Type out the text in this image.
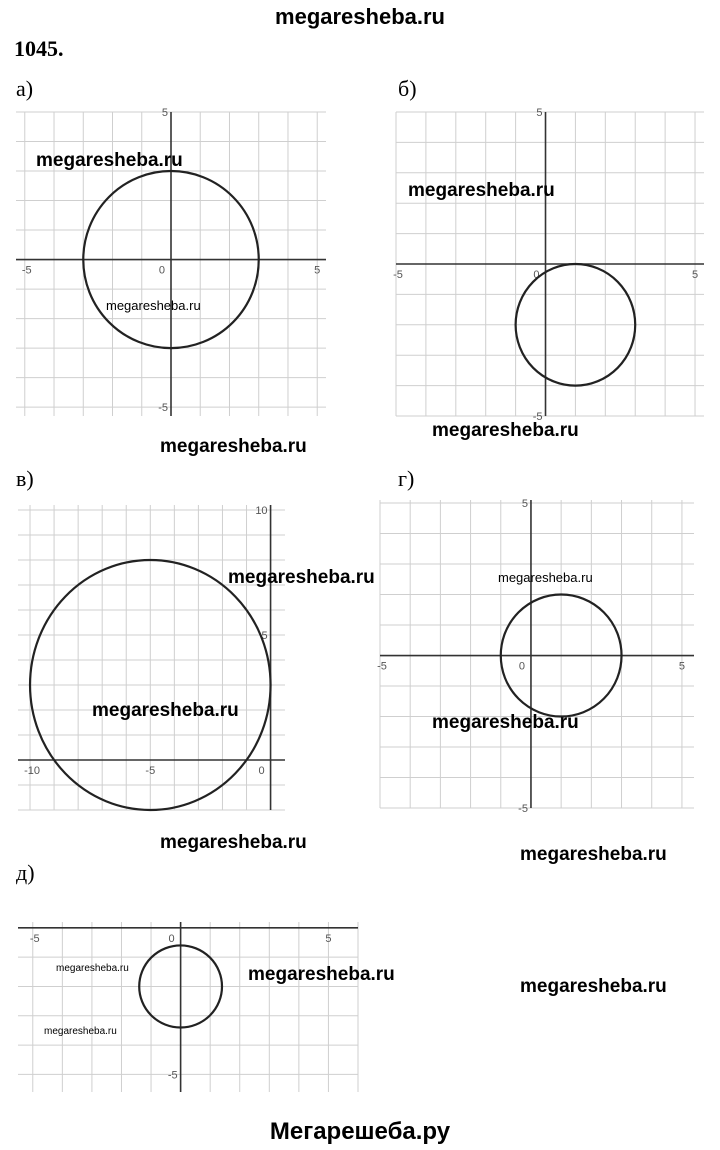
megaresheba.ru
1045.
а)	б)
в)	г)
д)
-5	5
0
5
-5
-5	5
0
5
-5
-10	-5	0
10
5
-5	5
0
5
-5
-5	5
0
-5
megaresheba.ru
megaresheba.ru
megaresheba.ru
megaresheba.ru
megaresheba.ru
megaresheba.ru
megaresheba.ru
megaresheba.ru
megaresheba.ru
megaresheba.ru
megaresheba.ru
megaresheba.ru	megaresheba.ru
megaresheba.ru
megaresheba.ru
Мегарешеба.ру
